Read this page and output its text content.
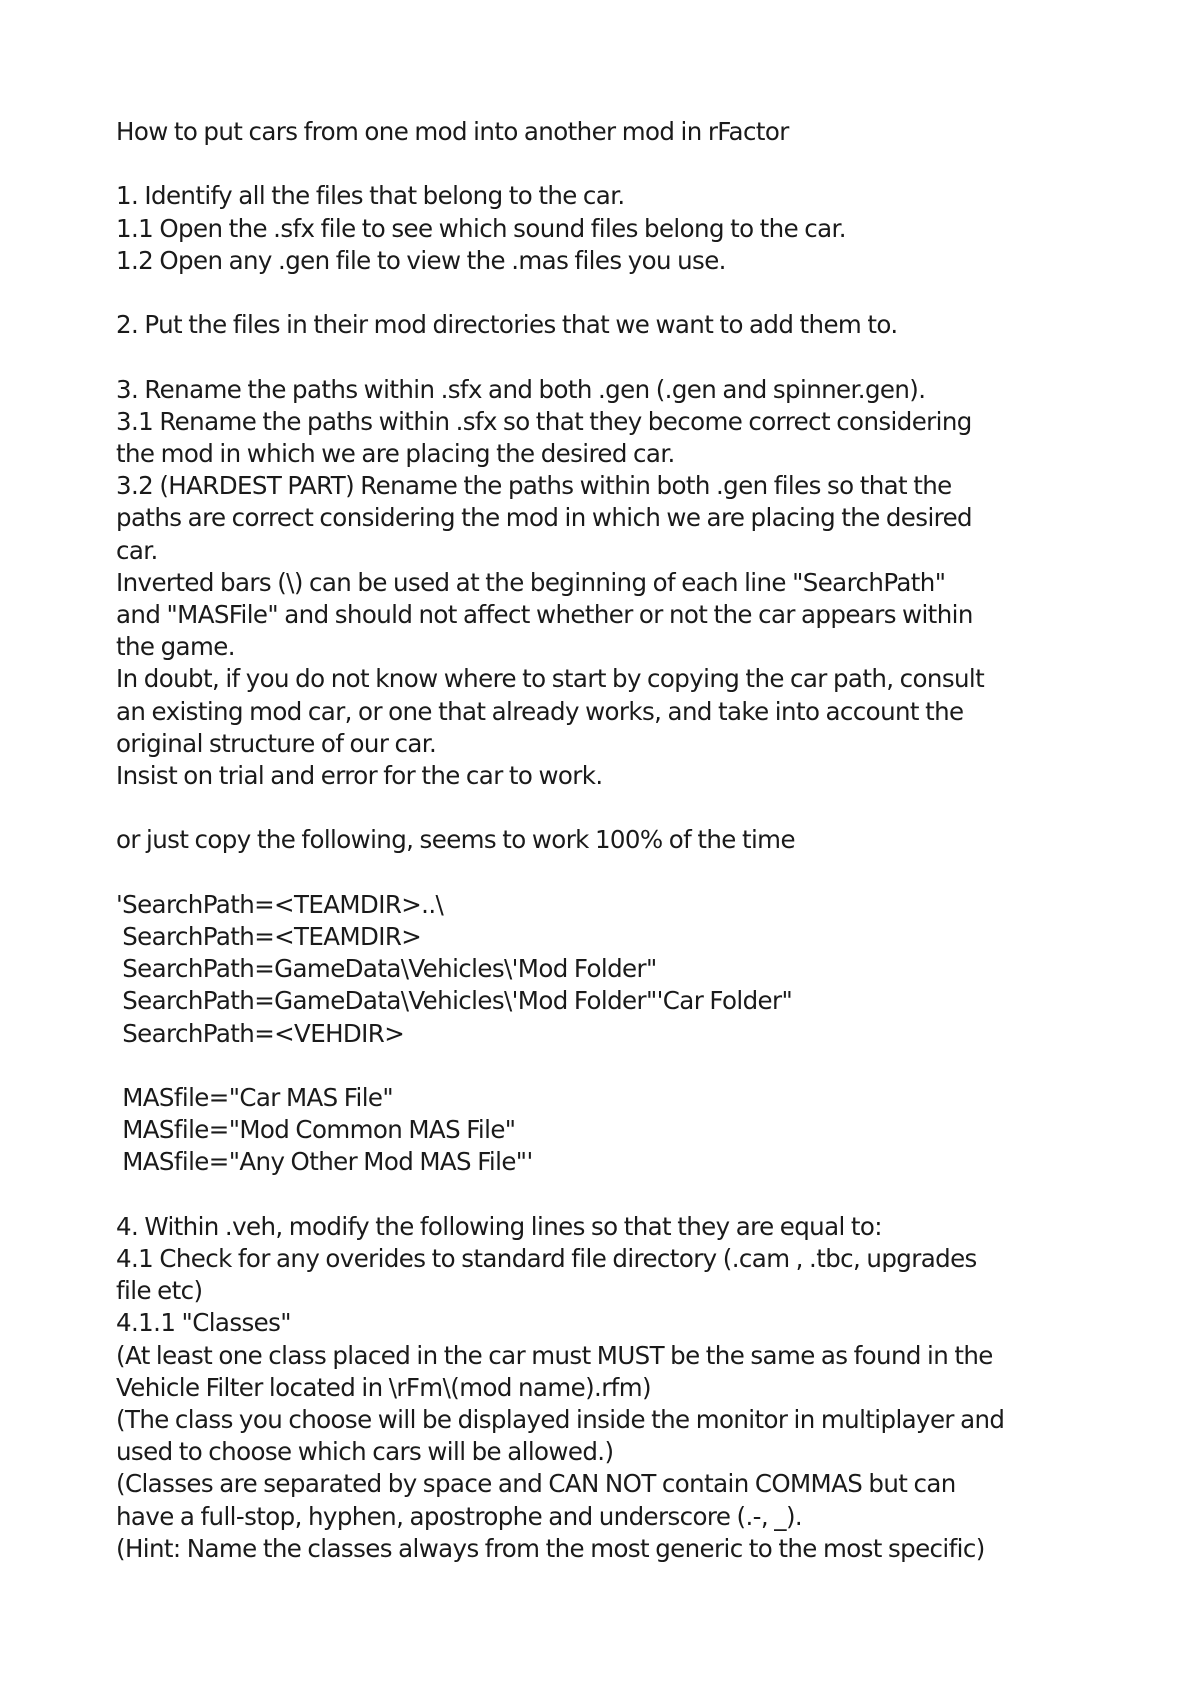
How to put cars from one mod into another mod in rFactor

1. Identify all the files that belong to the car.

1.1 Open the .sfx file to see which sound files belong to the car.

1.2 Open any .gen file to view the .mas files you use.

2. Put the files in their mod directories that we want to add them to.

3. Rename the paths within .sfx and both .gen (.gen and spinner.gen).

3.1 Rename the paths within .sfx so that they become correct considering

the mod in which we are placing the desired car.

3.2 (HARDEST PART) Rename the paths within both .gen files so that the

paths are correct considering the mod in which we are placing the desired

car.

Inverted bars (\) can be used at the beginning of each line "SearchPath"

and "MASFile" and should not affect whether or not the car appears within

the game.

In doubt, if you do not know where to start by copying the car path, consult

an existing mod car, or one that already works, and take into account the

original structure of our car.

Insist on trial and error for the car to work.

or just copy the following, seems to work 100% of the time

'SearchPath=<TEAMDIR>..\

SearchPath=<TEAMDIR>

SearchPath=GameData\Vehicles\'Mod Folder"

SearchPath=GameData\Vehicles\'Mod Folder"'Car Folder"

SearchPath=<VEHDIR>

MASfile="Car MAS File"

MASfile="Mod Common MAS File"

MASfile="Any Other Mod MAS File"'

4. Within .veh, modify the following lines so that they are equal to:

4.1 Check for any overides to standard file directory (.cam , .tbc, upgrades

file etc)

4.1.1 "Classes"

(At least one class placed in the car must MUST be the same as found in the

Vehicle Filter located in \rFm\(mod name).rfm)

(The class you choose will be displayed inside the monitor in multiplayer and

used to choose which cars will be allowed.)

(Classes are separated by space and CAN NOT contain COMMAS but can

have a full-stop, hyphen, apostrophe and underscore (.-, _).

(Hint: Name the classes always from the most generic to the most specific)
